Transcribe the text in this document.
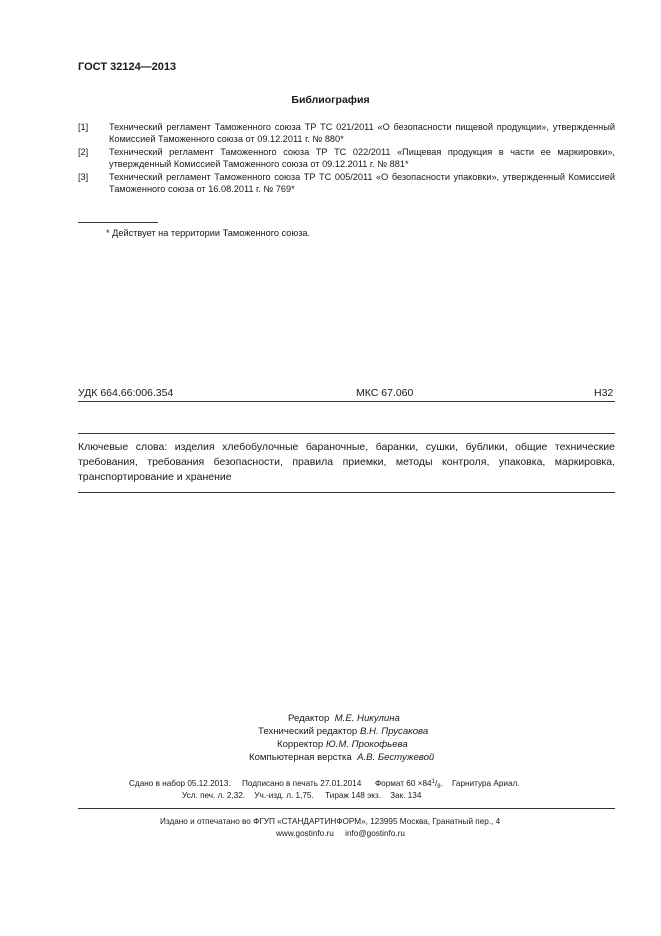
ГОСТ 32124—2013
Библиография
[1]	Технический регламент Таможенного союза ТР ТС 021/2011 «О безопасности пищевой продукции», утвержденный Комиссией Таможенного союза от 09.12.2011 г. № 880*
[2]	Технический регламент Таможенного союза ТР ТС 022/2011 «Пищевая продукция в части ее маркировки», утвержденный Комиссией Таможенного союза от 09.12.2011 г. № 881*
[3]	Технический регламент Таможенного союза ТР ТС 005/2011 «О безопасности упаковки», утвержденный Комиссией Таможенного союза от 16.08.2011 г. № 769*
* Действует на территории Таможенного союза.
УДК 664.66:006.354	МКС 67.060	Н32
Ключевые слова: изделия хлебобулочные бараночные, баранки, сушки, бублики, общие технические требования, требования безопасности, правила приемки, методы контроля, упаковка, маркировка, транспортирование и хранение
Редактор М.Е. Никулина
Технический редактор В.Н. Прусакова
Корректор Ю.М. Прокофьева
Компьютерная верстка А.В. Бестужевой
Сдано в набор 05.12.2013. Подписано в печать 27.01.2014 Формат $60 \times 84^1/_8$. Гарнитура Ариал.
Усл. печ. л. 2,32. Уч.-изд. л. 1,75. Тираж 148 экз. Зак. 134
Издано и отпечатано во ФГУП «СТАНДАРТИНФОРМ», 123995 Москва, Гранатный пер., 4
www.gostinfo.ru info@gostinfo.ru
